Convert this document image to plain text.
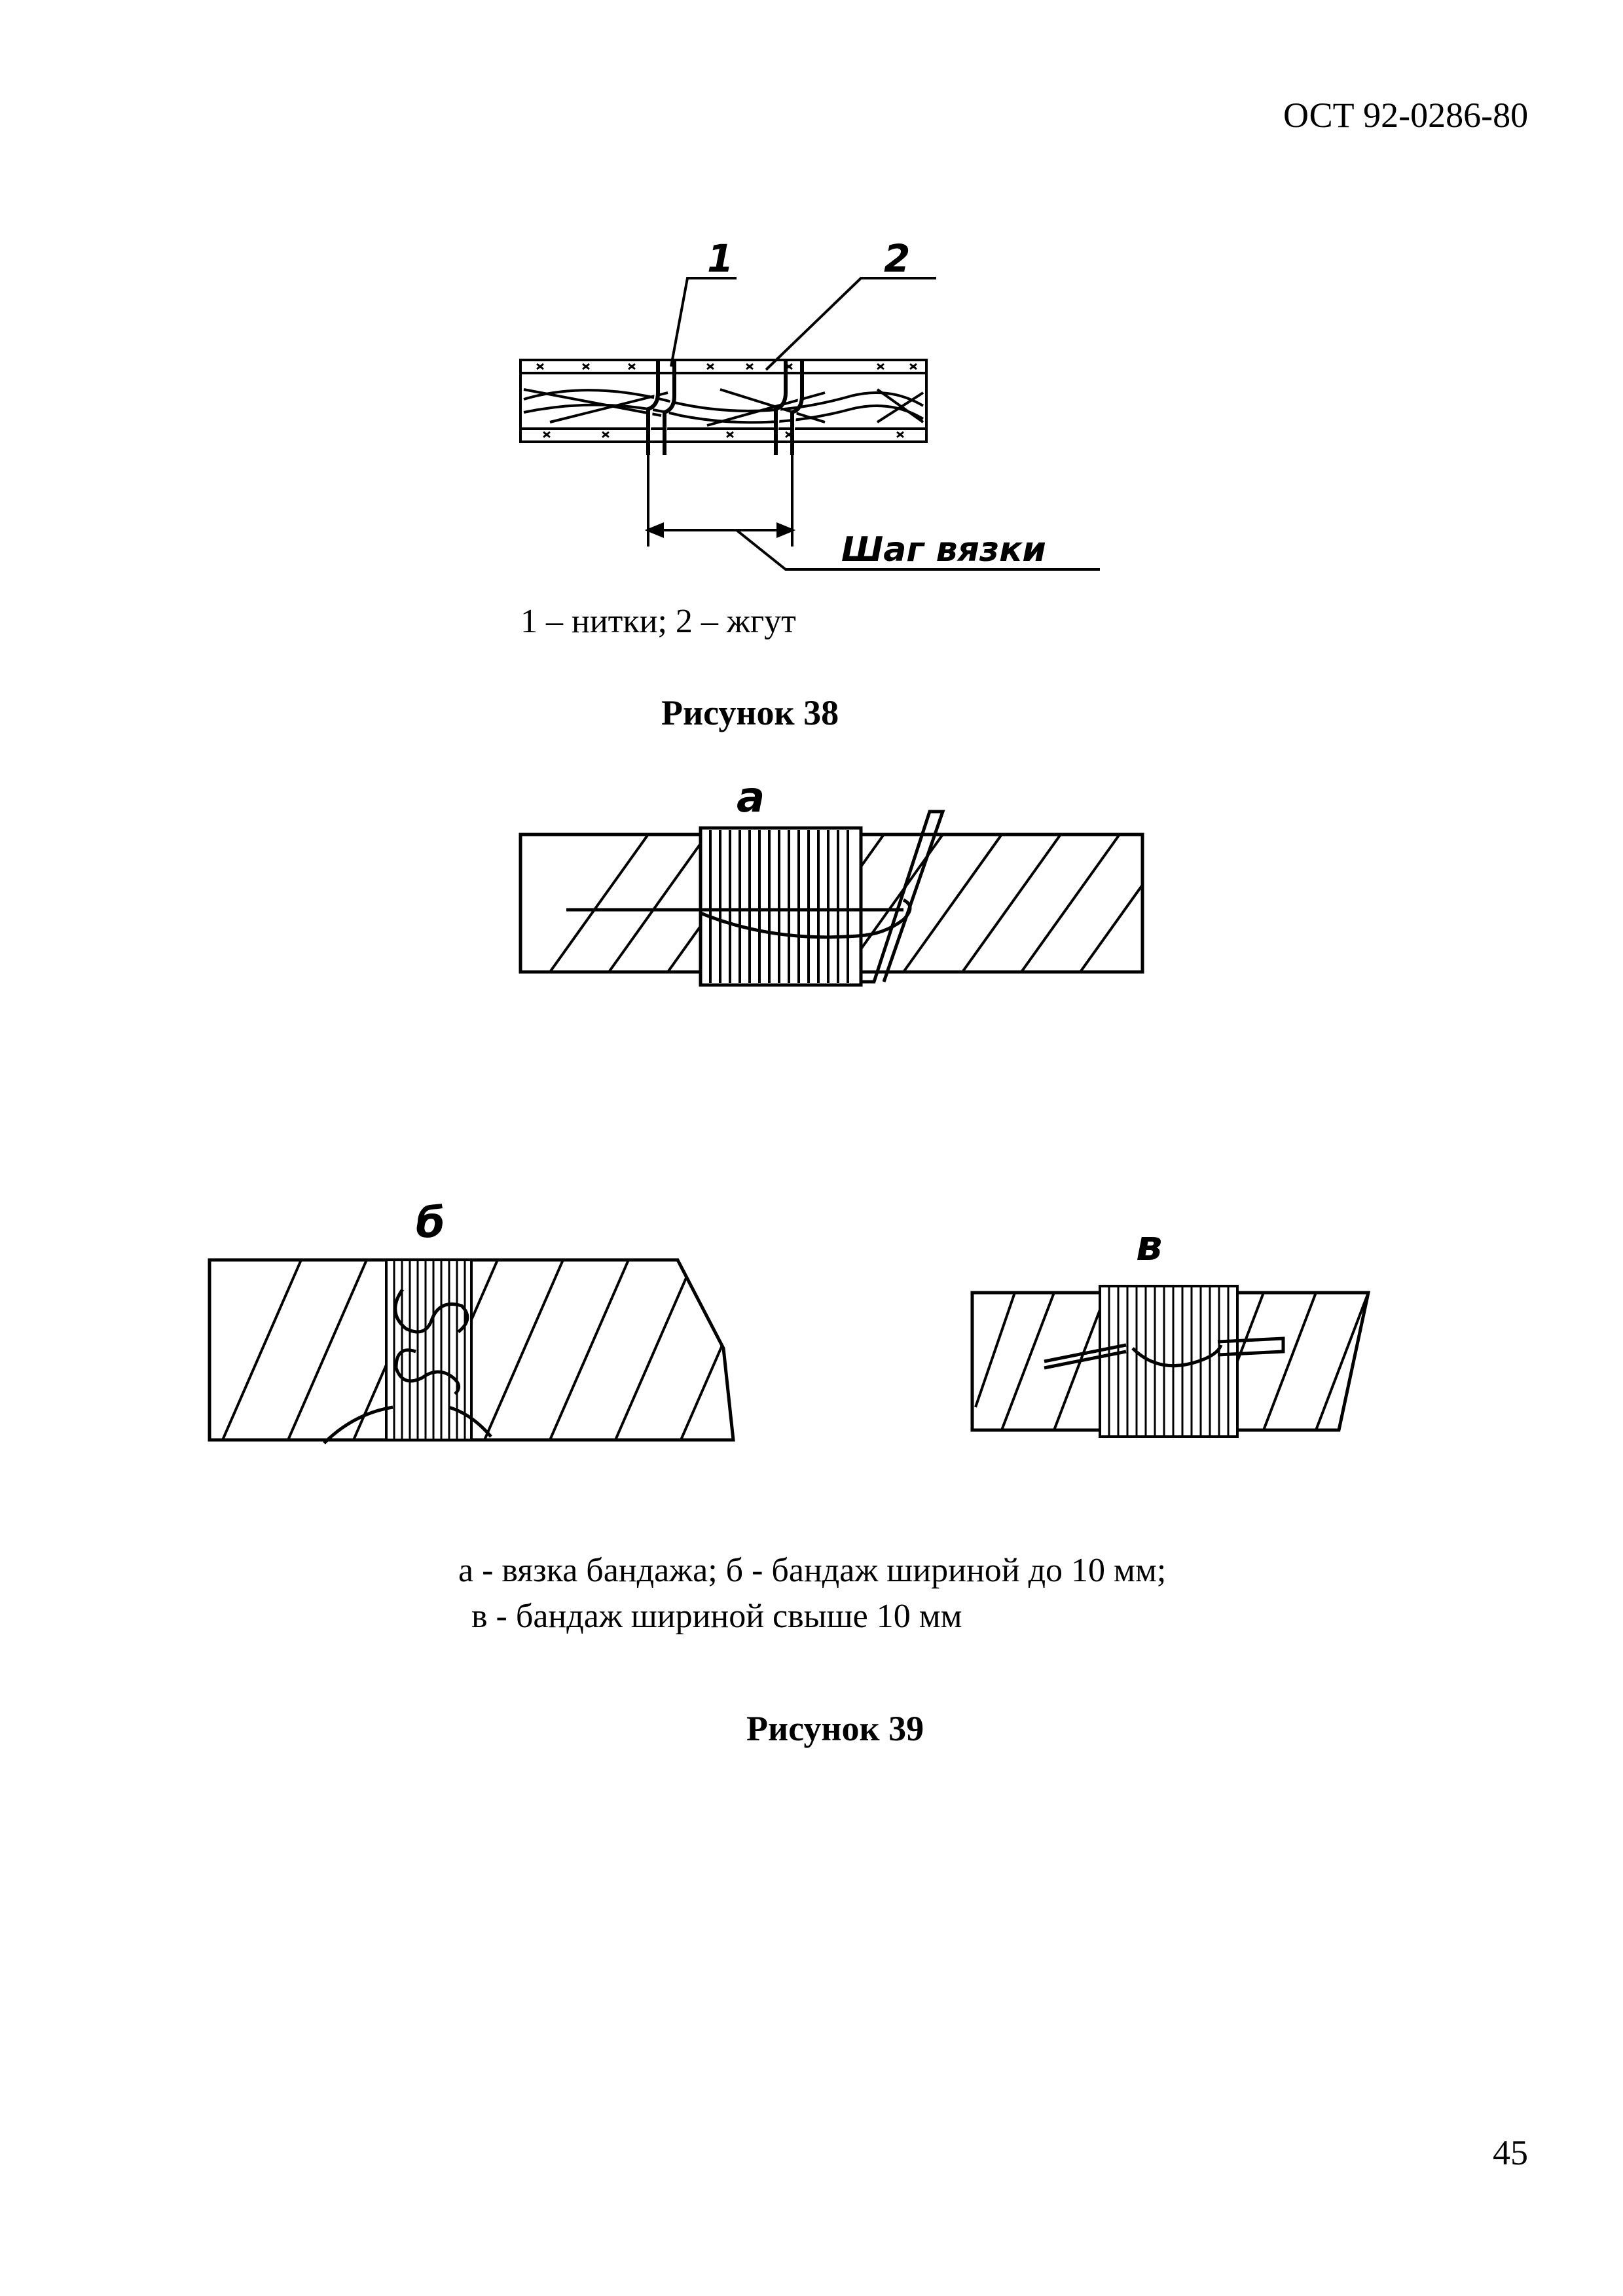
ОСТ 92-0286-80
1	2
Шаг вязки
1 – нитки; 2 – жгут
Рисунок 38
а
б	в
а - вязка бандажа; б - бандаж шириной до 10 мм;
в - бандаж шириной свыше 10 мм
Рисунок 39
45
